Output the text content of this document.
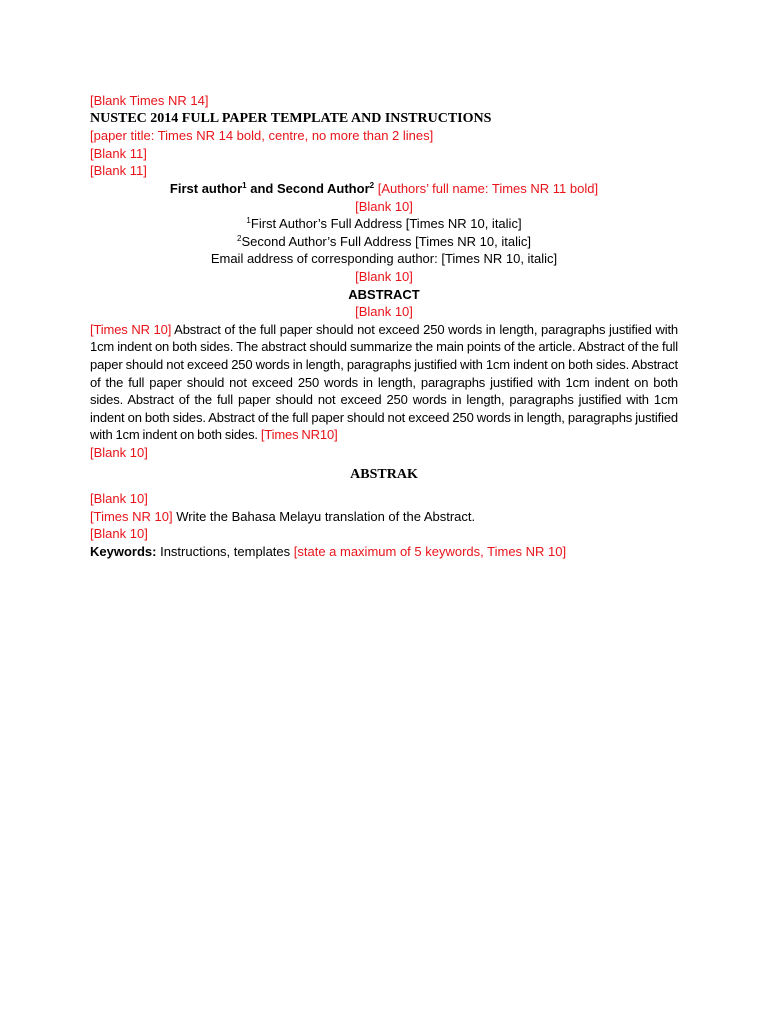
[Blank Times NR 14]
NUSTEC 2014 FULL PAPER TEMPLATE AND INSTRUCTIONS
[paper title: Times NR 14 bold, centre, no more than 2 lines]
[Blank 11]
[Blank 11]
First author$^1$ and Second Author$^2$ [Authors’ full name: Times NR 11 bold]
[Blank 10]
$^1$First Author’s Full Address [Times NR 10, italic]
$^2$Second Author’s Full Address [Times NR 10, italic]
Email address of corresponding author: [Times NR 10, italic]
[Blank 10]
ABSTRACT
[Blank 10]
[Times NR 10] Abstract of the full paper should not exceed 250 words in length, paragraphs justified with 1cm indent on both sides. The abstract should summarize the main points of the article. Abstract of the full paper should not exceed 250 words in length, paragraphs justified with 1cm indent on both sides. Abstract of the full paper should not exceed 250 words in length, paragraphs justified with 1cm indent on both sides. Abstract of the full paper should not exceed 250 words in length, paragraphs justified with 1cm indent on both sides. Abstract of the full paper should not exceed 250 words in length, paragraphs justified with 1cm indent on both sides. [Times NR10]
[Blank 10]
ABSTRAK
[Blank 10]
[Times NR 10] Write the Bahasa Melayu translation of the Abstract.
[Blank 10]
Keywords: Instructions, templates [state a maximum of 5 keywords, Times NR 10]
